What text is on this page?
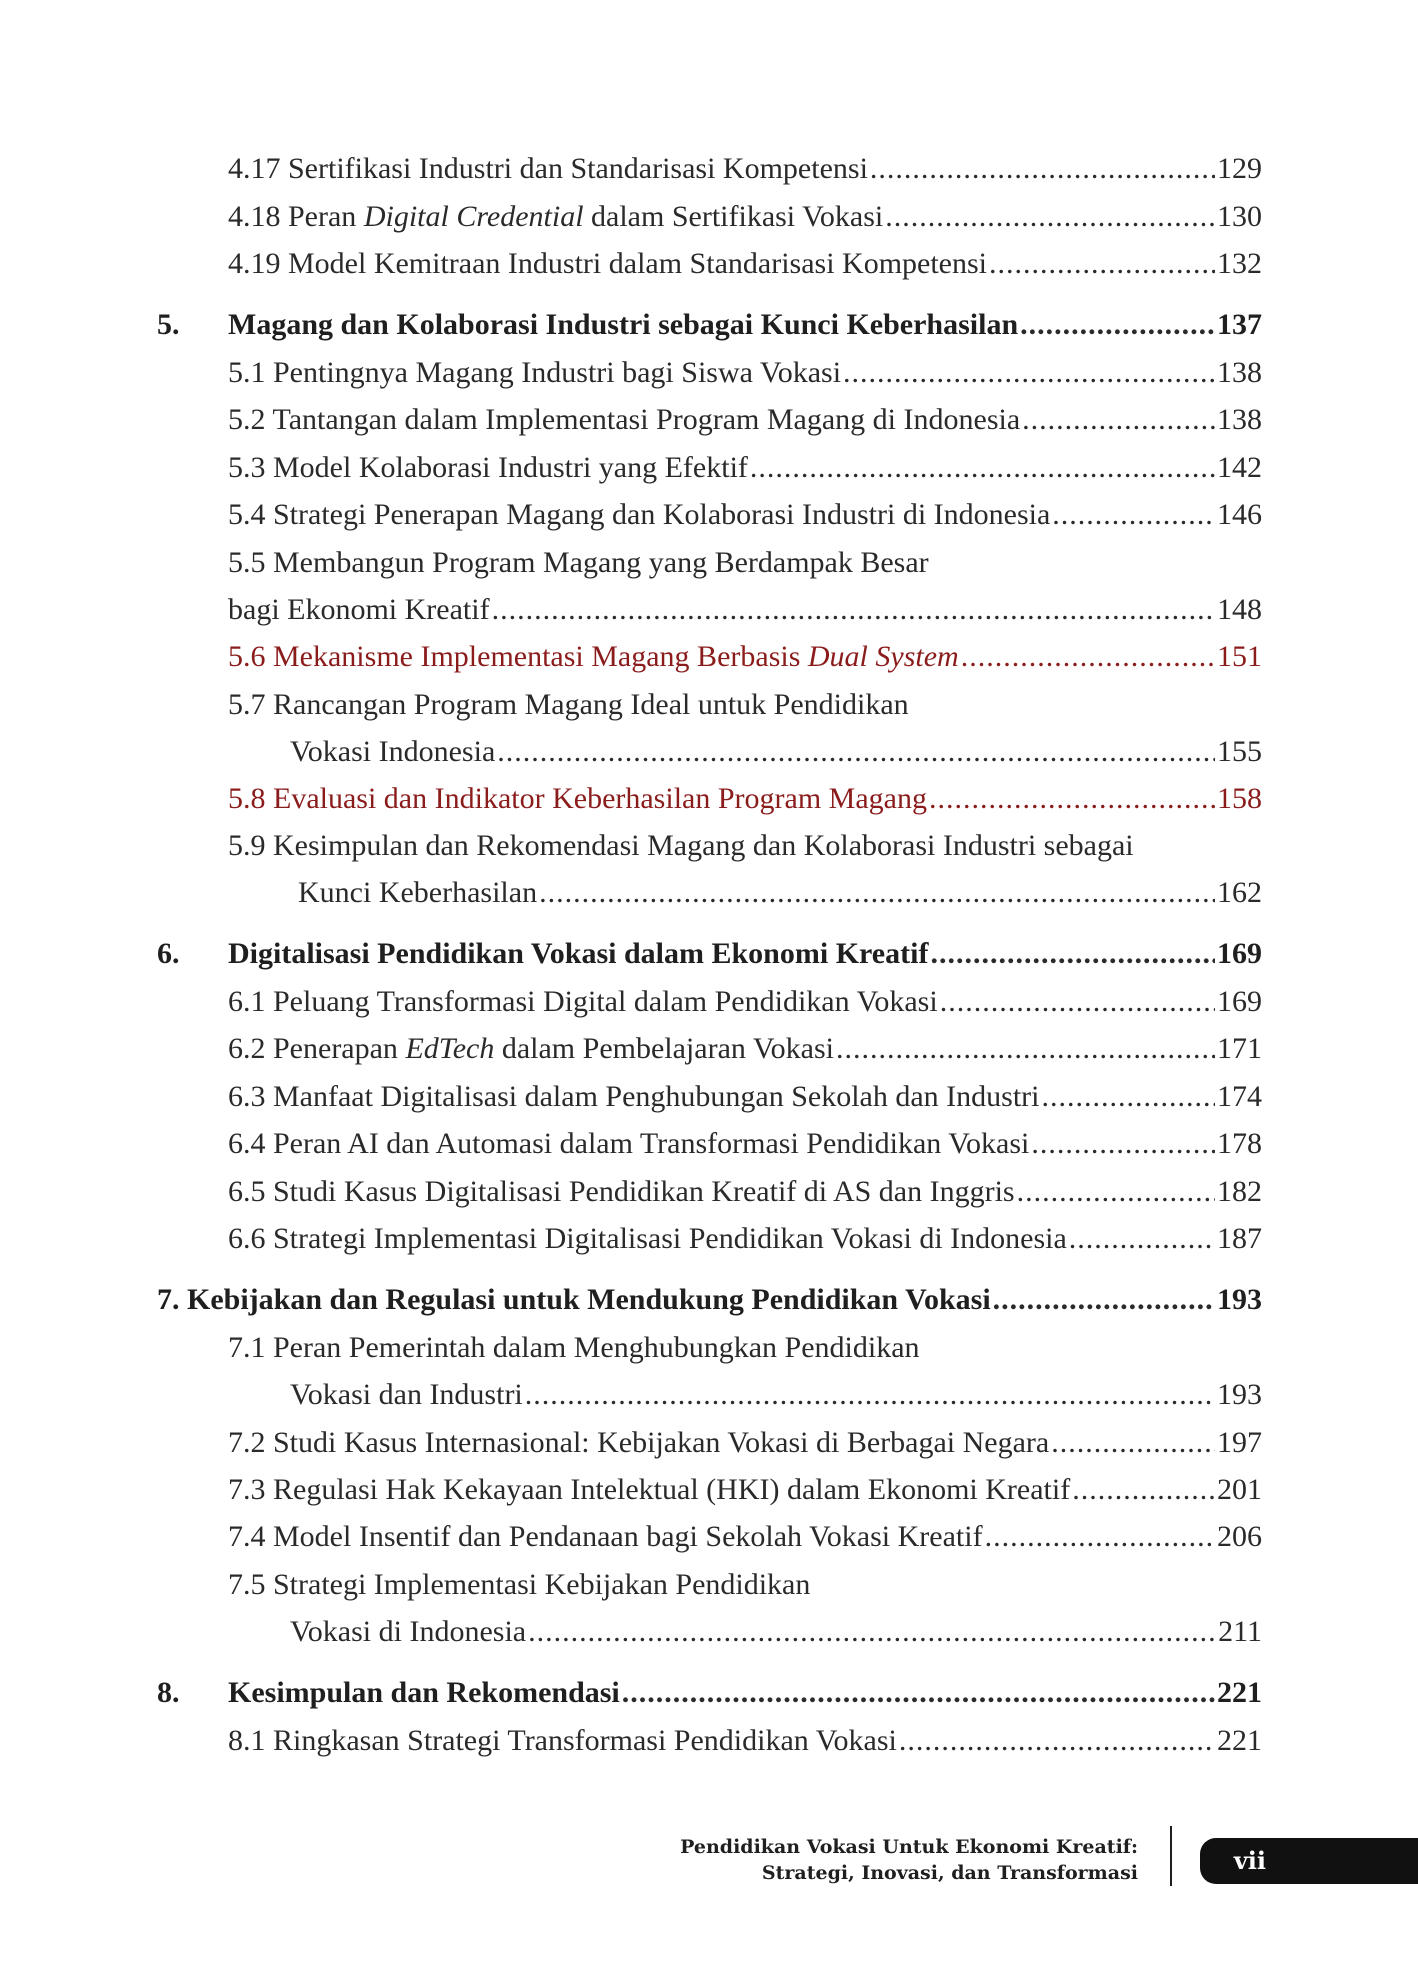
4.17 Sertifikasi Industri dan Standarisasi Kompetensi .....	129
4.18 Peran Digital Credential dalam Sertifikasi Vokasi .....	130
4.19 Model Kemitraan Industri dalam Standarisasi Kompetensi .....	132
5. Magang dan Kolaborasi Industri sebagai Kunci Keberhasilan .....	137
5.1 Pentingnya Magang Industri bagi Siswa Vokasi .....	138
5.2 Tantangan dalam Implementasi Program Magang di Indonesia .....	138
5.3 Model Kolaborasi Industri yang Efektif .....	142
5.4 Strategi Penerapan Magang dan Kolaborasi Industri di Indonesia .....	146
5.5 Membangun Program Magang yang Berdampak Besar
bagi Ekonomi Kreatif .....	148
5.6 Mekanisme Implementasi Magang Berbasis Dual System .....	151
5.7 Rancangan Program Magang Ideal untuk Pendidikan
Vokasi Indonesia .....	155
5.8 Evaluasi dan Indikator Keberhasilan Program Magang .....	158
5.9 Kesimpulan dan Rekomendasi Magang dan Kolaborasi Industri sebagai
Kunci Keberhasilan .....	162
6. Digitalisasi Pendidikan Vokasi dalam Ekonomi Kreatif .....	169
6.1 Peluang Transformasi Digital dalam Pendidikan Vokasi .....	169
6.2 Penerapan EdTech dalam Pembelajaran Vokasi .....	171
6.3 Manfaat Digitalisasi dalam Penghubungan Sekolah dan Industri .....	174
6.4 Peran AI dan Automasi dalam Transformasi Pendidikan Vokasi .....	178
6.5 Studi Kasus Digitalisasi Pendidikan Kreatif di AS dan Inggris .....	182
6.6 Strategi Implementasi Digitalisasi Pendidikan Vokasi di Indonesia .....	187
7. Kebijakan dan Regulasi untuk Mendukung Pendidikan Vokasi .....	193
7.1 Peran Pemerintah dalam Menghubungkan Pendidikan
Vokasi dan Industri .....	193
7.2 Studi Kasus Internasional: Kebijakan Vokasi di Berbagai Negara .....	197
7.3 Regulasi Hak Kekayaan Intelektual (HKI) dalam Ekonomi Kreatif .....	201
7.4 Model Insentif dan Pendanaan bagi Sekolah Vokasi Kreatif .....	206
7.5 Strategi Implementasi Kebijakan Pendidikan
Vokasi di Indonesia .....	211
8. Kesimpulan dan Rekomendasi .....	221
8.1 Ringkasan Strategi Transformasi Pendidikan Vokasi .....	221
Pendidikan Vokasi Untuk Ekonomi Kreatif:
Strategi, Inovasi, dan Transformasi	vii
